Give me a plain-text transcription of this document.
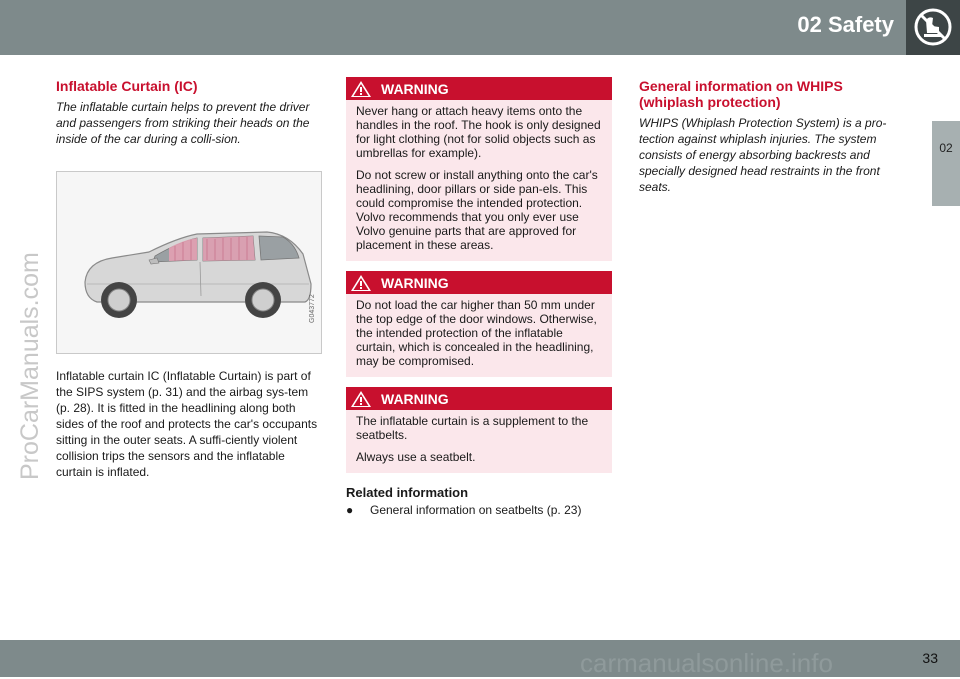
02 Safety
02
ProCarManuals.com
Inflatable Curtain (IC)

The inflatable curtain helps to prevent the driver and passengers from striking their heads on the inside of the car during a colli-sion.

G043772

Inflatable curtain IC (Inflatable Curtain) is part of the SIPS system (p. 31) and the airbag sys-tem (p. 28). It is fitted in the headlining along both sides of the roof and protects the car's occupants sitting in the outer seats. A suffi-ciently violent collision trips the sensors and the inflatable curtain is inflated.

WARNING

Never hang or attach heavy items onto the handles in the roof. The hook is only designed for light clothing (not for solid objects such as umbrellas for example).

Do not screw or install anything onto the car's headlining, door pillars or side pan-els. This could compromise the intended protection. Volvo recommends that you only ever use Volvo genuine parts that are approved for placement in these areas.

WARNING

Do not load the car higher than 50 mm under the top edge of the door windows. Otherwise, the intended protection of the inflatable curtain, which is concealed in the headlining, may be compromised.

WARNING

The inflatable curtain is a supplement to the seatbelts.

Always use a seatbelt.

Related information
● General information on seatbelts (p. 23)
General information on WHIPS (whiplash protection)

WHIPS (Whiplash Protection System) is a pro-tection against whiplash injuries. The system consists of energy absorbing backrests and specially designed head restraints in the front seats.

33
carmanualsonline.info
